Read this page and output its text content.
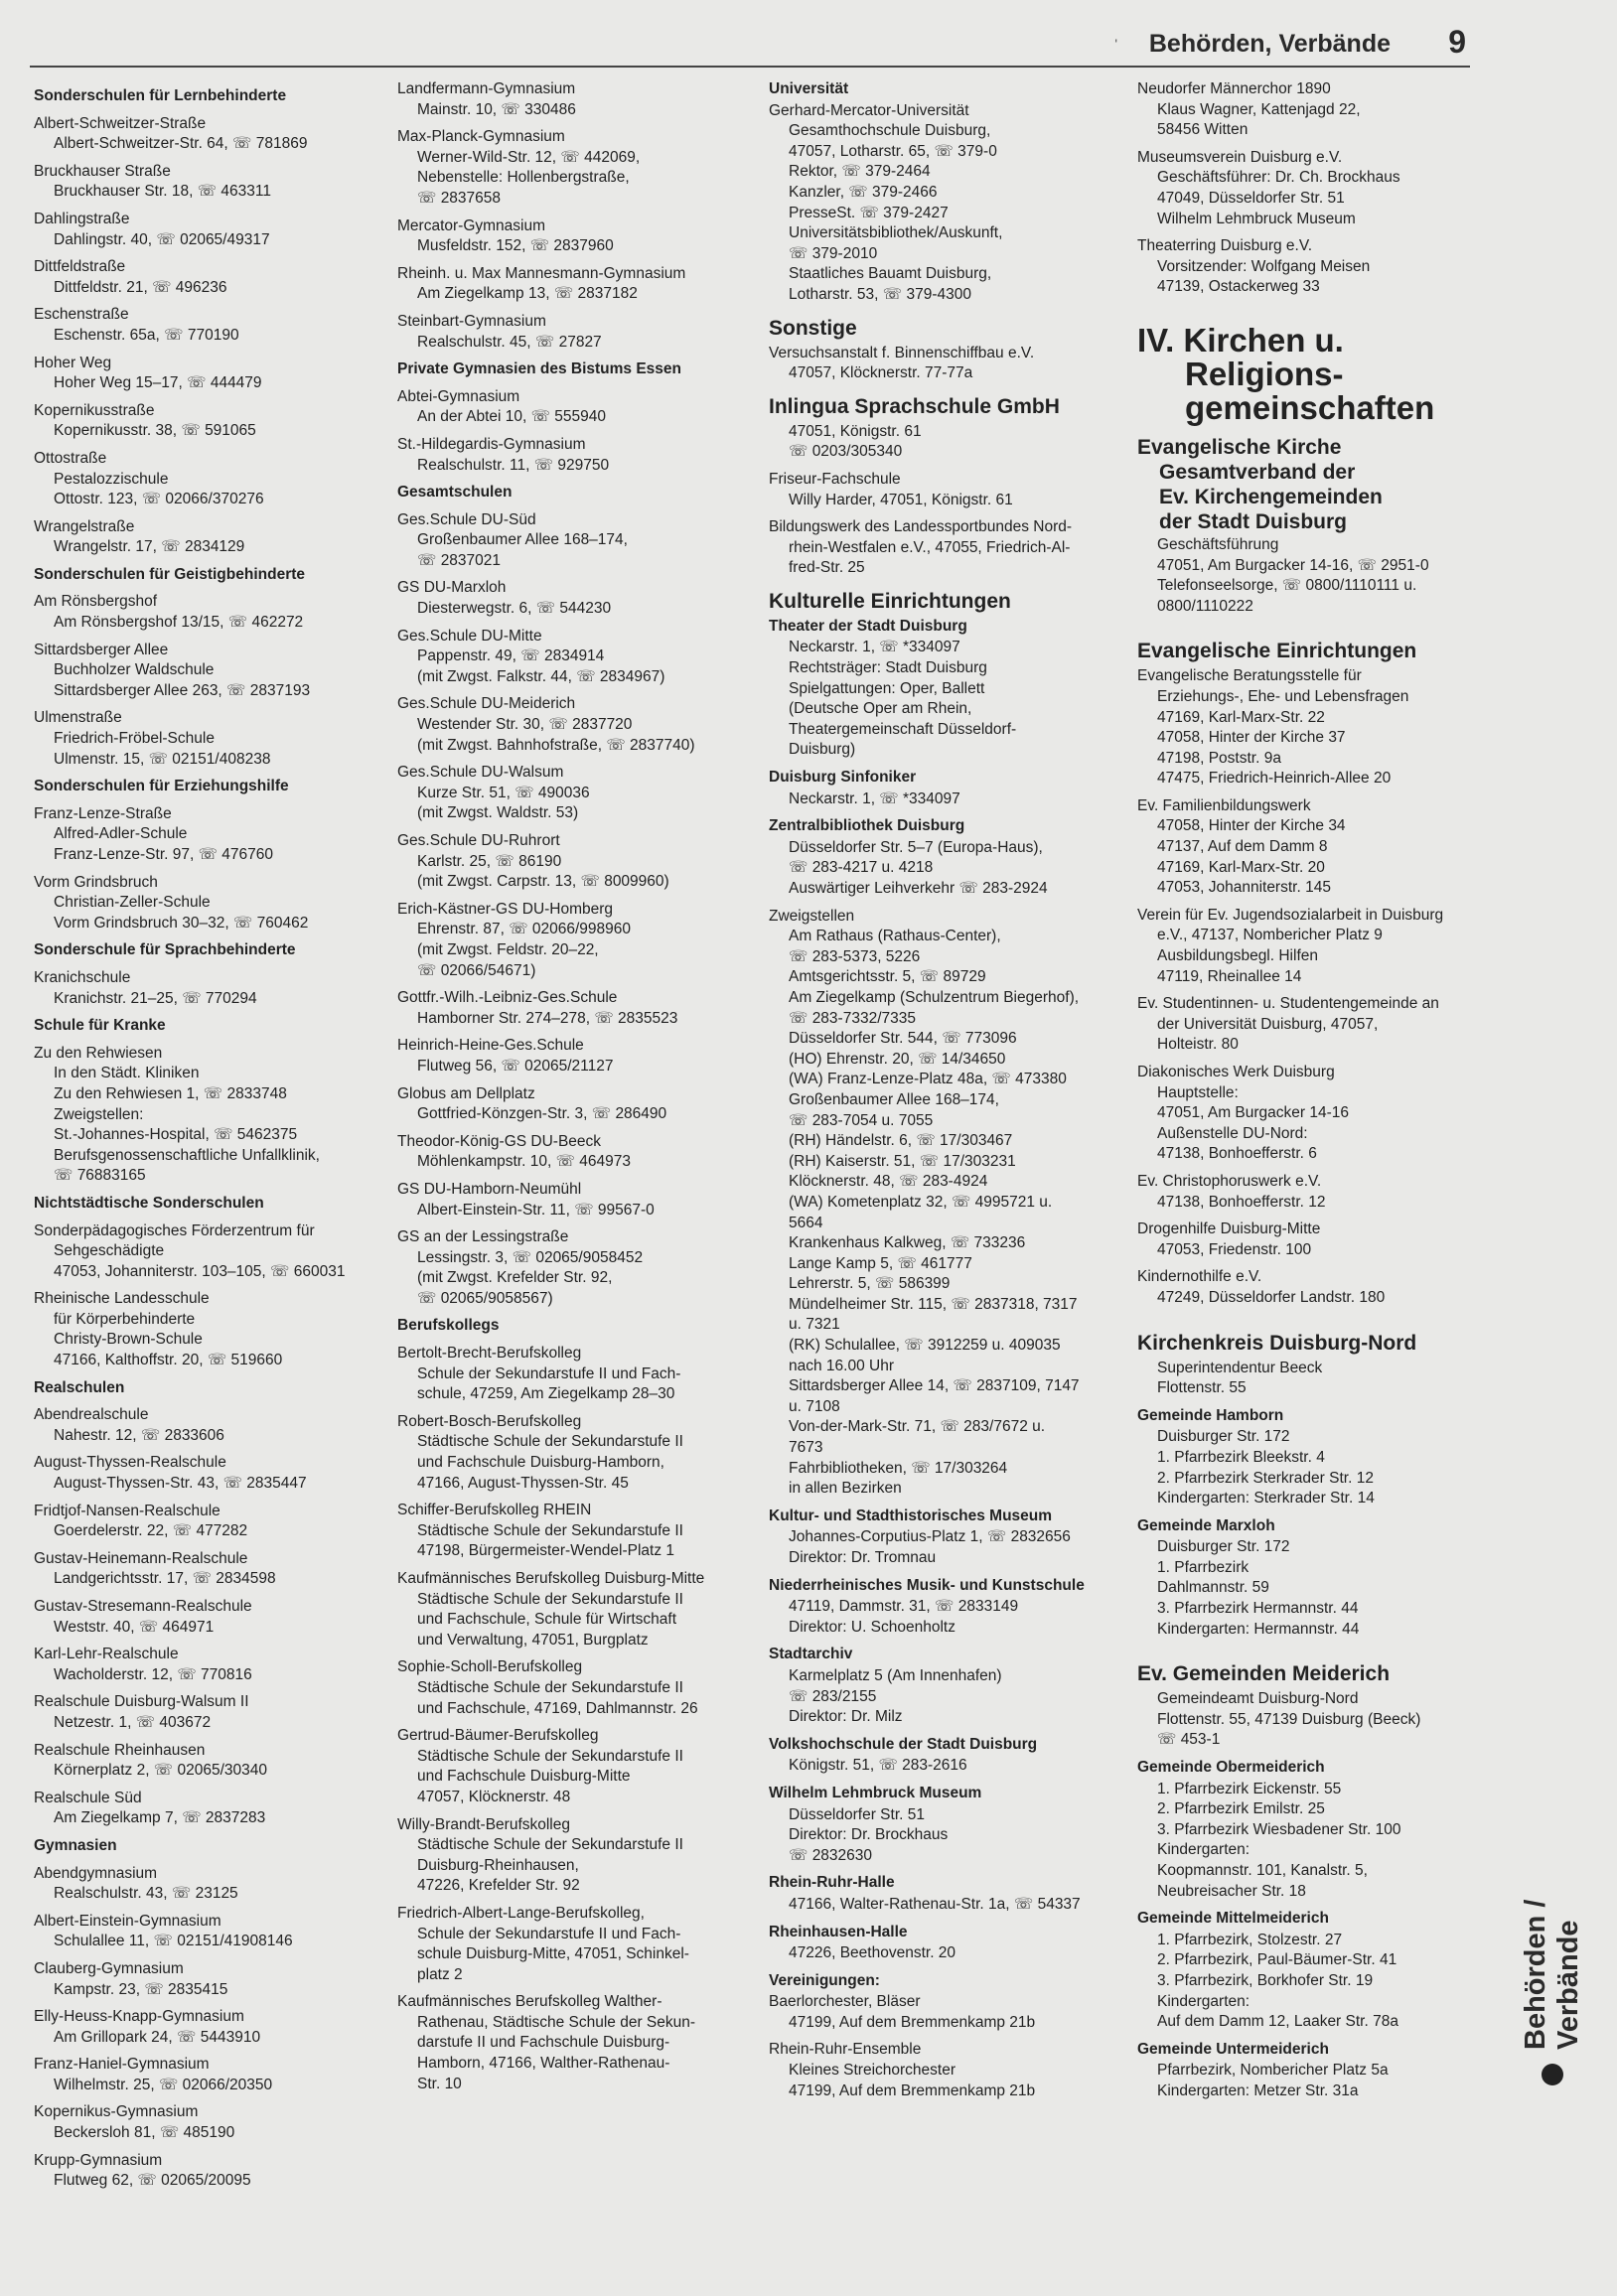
' Behörden, Verbände 9
Sonderschulen für Lernbehinderte
Albert-Schweitzer-Straße
Albert-Schweitzer-Str. 64, ☏ 781869
Bruckhauser Straße
Bruckhauser Str. 18, ☏ 463311
Dahlingstraße
Dahlingstr. 40, ☏ 02065/49317
Dittfeldstraße
Dittfeldstr. 21, ☏ 496236
Eschenstraße
Eschenstr. 65a, ☏ 770190
Hoher Weg
Hoher Weg 15–17, ☏ 444479
Kopernikusstraße
Kopernikusstr. 38, ☏ 591065
Ottostraße
Pestalozzischule
Ottostr. 123, ☏ 02066/370276
Wrangelstraße
Wrangelstr. 17, ☏ 2834129
Sonderschulen für Geistigbehinderte
Am Rönsbergshof
Am Rönsbergshof 13/15, ☏ 462272
Sittardsberger Allee
Buchholzer Waldschule
Sittardsberger Allee 263, ☏ 2837193
Ulmenstraße
Friedrich-Fröbel-Schule
Ulmenstr. 15, ☏ 02151/408238
Sonderschulen für Erziehungshilfe
Franz-Lenze-Straße
Alfred-Adler-Schule
Franz-Lenze-Str. 97, ☏ 476760
Vorm Grindsbruch
Christian-Zeller-Schule
Vorm Grindsbruch 30–32, ☏ 760462
Sonderschule für Sprachbehinderte
Kranichschule
Kranichstr. 21–25, ☏ 770294
Schule für Kranke
Zu den Rehwiesen
In den Städt. Kliniken
Zu den Rehwiesen 1, ☏ 2833748
Zweigstellen:
St.-Johannes-Hospital, ☏ 5462375
Berufsgenossenschaftliche Unfallklinik,
☏ 76883165
Nichtstädtische Sonderschulen
Sonderpädagogisches Förderzentrum für
Sehgeschädigte
47053, Johanniterstr. 103–105, ☏ 660031
Rheinische Landesschule
für Körperbehinderte
Christy-Brown-Schule
47166, Kalthoffstr. 20, ☏ 519660
Realschulen
Abendrealschule
Nahestr. 12, ☏ 2833606
August-Thyssen-Realschule
August-Thyssen-Str. 43, ☏ 2835447
Fridtjof-Nansen-Realschule
Goerdelerstr. 22, ☏ 477282
Gustav-Heinemann-Realschule
Landgerichtsstr. 17, ☏ 2834598
Gustav-Stresemann-Realschule
Weststr. 40, ☏ 464971
Karl-Lehr-Realschule
Wacholderstr. 12, ☏ 770816
Realschule Duisburg-Walsum II
Netzestr. 1, ☏ 403672
Realschule Rheinhausen
Körnerplatz 2, ☏ 02065/30340
Realschule Süd
Am Ziegelkamp 7, ☏ 2837283
Gymnasien
Abendgymnasium
Realschulstr. 43, ☏ 23125
Albert-Einstein-Gymnasium
Schulallee 11, ☏ 02151/41908146
Clauberg-Gymnasium
Kampstr. 23, ☏ 2835415
Elly-Heuss-Knapp-Gymnasium
Am Grillopark 24, ☏ 5443910
Franz-Haniel-Gymnasium
Wilhelmstr. 25, ☏ 02066/20350
Kopernikus-Gymnasium
Beckersloh 81, ☏ 485190
Krupp-Gymnasium
Flutweg 62, ☏ 02065/20095
Landfermann-Gymnasium
Mainstr. 10, ☏ 330486
Max-Planck-Gymnasium
Werner-Wild-Str. 12, ☏ 442069,
Nebenstelle: Hollenbergstraße,
☏ 2837658
Mercator-Gymnasium
Musfeldstr. 152, ☏ 2837960
Rheinh. u. Max Mannesmann-Gymnasium
Am Ziegelkamp 13, ☏ 2837182
Steinbart-Gymnasium
Realschulstr. 45, ☏ 27827
Private Gymnasien des Bistums Essen
Abtei-Gymnasium
An der Abtei 10, ☏ 555940
St.-Hildegardis-Gymnasium
Realschulstr. 11, ☏ 929750
Gesamtschulen
Ges.Schule DU-Süd
Großenbaumer Allee 168–174,
☏ 2837021
GS DU-Marxloh
Diesterwegstr. 6, ☏ 544230
Ges.Schule DU-Mitte
Pappenstr. 49, ☏ 2834914
(mit Zwgst. Falkstr. 44, ☏ 2834967)
Ges.Schule DU-Meiderich
Westender Str. 30, ☏ 2837720
(mit Zwgst. Bahnhofstraße, ☏ 2837740)
Ges.Schule DU-Walsum
Kurze Str. 51, ☏ 490036
(mit Zwgst. Waldstr. 53)
Ges.Schule DU-Ruhrort
Karlstr. 25, ☏ 86190
(mit Zwgst. Carpstr. 13, ☏ 8009960)
Erich-Kästner-GS DU-Homberg
Ehrenstr. 87, ☏ 02066/998960
(mit Zwgst. Feldstr. 20–22,
☏ 02066/54671)
Gottfr.-Wilh.-Leibniz-Ges.Schule
Hamborner Str. 274–278, ☏ 2835523
Heinrich-Heine-Ges.Schule
Flutweg 56, ☏ 02065/21127
Globus am Dellplatz
Gottfried-Könzgen-Str. 3, ☏ 286490
Theodor-König-GS DU-Beeck
Möhlenkampstr. 10, ☏ 464973
GS DU-Hamborn-Neumühl
Albert-Einstein-Str. 11, ☏ 99567-0
GS an der Lessingstraße
Lessingstr. 3, ☏ 02065/9058452
(mit Zwgst. Krefelder Str. 92,
☏ 02065/9058567)
Berufskollegs
Bertolt-Brecht-Berufskolleg
Schule der Sekundarstufe II und Fach-
schule, 47259, Am Ziegelkamp 28–30
Robert-Bosch-Berufskolleg
Städtische Schule der Sekundarstufe II
und Fachschule Duisburg-Hamborn,
47166, August-Thyssen-Str. 45
Schiffer-Berufskolleg RHEIN
Städtische Schule der Sekundarstufe II
47198, Bürgermeister-Wendel-Platz 1
Kaufmännisches Berufskolleg Duisburg-Mitte
Städtische Schule der Sekundarstufe II
und Fachschule, Schule für Wirtschaft
und Verwaltung, 47051, Burgplatz
Sophie-Scholl-Berufskolleg
Städtische Schule der Sekundarstufe II
und Fachschule, 47169, Dahlmannstr. 26
Gertrud-Bäumer-Berufskolleg
Städtische Schule der Sekundarstufe II
und Fachschule Duisburg-Mitte
47057, Klöcknerstr. 48
Willy-Brandt-Berufskolleg
Städtische Schule der Sekundarstufe II
Duisburg-Rheinhausen,
47226, Krefelder Str. 92
Friedrich-Albert-Lange-Berufskolleg,
Schule der Sekundarstufe II und Fach-
schule Duisburg-Mitte, 47051, Schinkel-
platz 2
Kaufmännisches Berufskolleg Walther-
Rathenau, Städtische Schule der Sekun-
darstufe II und Fachschule Duisburg-
Hamborn, 47166, Walther-Rathenau-
Str. 10
Universität
Gerhard-Mercator-Universität
Gesamthochschule Duisburg,
47057, Lotharstr. 65, ☏ 379-0
Rektor, ☏ 379-2464
Kanzler, ☏ 379-2466
PresseSt. ☏ 379-2427
Universitätsbibliothek/Auskunft,
☏ 379-2010
Staatliches Bauamt Duisburg,
Lotharstr. 53, ☏ 379-4300
Sonstige
Versuchsanstalt f. Binnenschiffbau e.V.
47057, Klöcknerstr. 77-77a
Inlingua Sprachschule GmbH
47051, Königstr. 61
☏ 0203/305340
Friseur-Fachschule
Willy Harder, 47051, Königstr. 61
Bildungswerk des Landessportbundes Nord-
rhein-Westfalen e.V., 47055, Friedrich-Al-
fred-Str. 25
Kulturelle Einrichtungen
Theater der Stadt Duisburg
Neckarstr. 1, ☏ *334097
Rechtsträger: Stadt Duisburg
Spielgattungen: Oper, Ballett
(Deutsche Oper am Rhein,
Theatergemeinschaft Düsseldorf-
Duisburg)
Duisburg Sinfoniker
Neckarstr. 1, ☏ *334097
Zentralbibliothek Duisburg
Düsseldorfer Str. 5–7 (Europa-Haus),
☏ 283-4217 u. 4218
Auswärtiger Leihverkehr ☏ 283-2924
Zweigstellen
Am Rathaus (Rathaus-Center),
☏ 283-5373, 5226
Amtsgerichtsstr. 5, ☏ 89729
Am Ziegelkamp (Schulzentrum Biegerhof),
☏ 283-7332/7335
Düsseldorfer Str. 544, ☏ 773096
(HO) Ehrenstr. 20, ☏ 14/34650
(WA) Franz-Lenze-Platz 48a, ☏ 473380
Großenbaumer Allee 168–174,
☏ 283-7054 u. 7055
(RH) Händelstr. 6, ☏ 17/303467
(RH) Kaiserstr. 51, ☏ 17/303231
Klöcknerstr. 48, ☏ 283-4924
(WA) Kometenplatz 32, ☏ 4995721 u.
5664
Krankenhaus Kalkweg, ☏ 733236
Lange Kamp 5, ☏ 461777
Lehrerstr. 5, ☏ 586399
Mündelheimer Str. 115, ☏ 2837318, 7317
u. 7321
(RK) Schulallee, ☏ 3912259 u. 409035
nach 16.00 Uhr
Sittardsberger Allee 14, ☏ 2837109, 7147
u. 7108
Von-der-Mark-Str. 71, ☏ 283/7672 u.
7673
Fahrbibliotheken, ☏ 17/303264
in allen Bezirken
Kultur- und Stadthistorisches Museum
Johannes-Corputius-Platz 1, ☏ 2832656
Direktor: Dr. Tromnau
Niederrheinisches Musik- und Kunstschule
47119, Dammstr. 31, ☏ 2833149
Direktor: U. Schoenholtz
Stadtarchiv
Karmelplatz 5 (Am Innenhafen)
☏ 283/2155
Direktor: Dr. Milz
Volkshochschule der Stadt Duisburg
Königstr. 51, ☏ 283-2616
Wilhelm Lehmbruck Museum
Düsseldorfer Str. 51
Direktor: Dr. Brockhaus
☏ 2832630
Rhein-Ruhr-Halle
47166, Walter-Rathenau-Str. 1a, ☏ 54337
Rheinhausen-Halle
47226, Beethovenstr. 20
Vereinigungen:
Baerlorchester, Bläser
47199, Auf dem Bremmenkamp 21b
Rhein-Ruhr-Ensemble
Kleines Streichorchester
47199, Auf dem Bremmenkamp 21b
Neudorfer Männerchor 1890
Klaus Wagner, Kattenjagd 22,
58456 Witten
Museumsverein Duisburg e.V.
Geschäftsführer: Dr. Ch. Brockhaus
47049, Düsseldorfer Str. 51
Wilhelm Lehmbruck Museum
Theaterring Duisburg e.V.
Vorsitzender: Wolfgang Meisen
47139, Ostackerweg 33
IV. Kirchen u.
Religions-
gemeinschaften
Evangelische Kirche
Gesamtverband der
Ev. Kirchengemeinden
der Stadt Duisburg
Geschäftsführung
47051, Am Burgacker 14-16, ☏ 2951-0
Telefonseelsorge, ☏ 0800/1110111 u.
0800/1110222
Evangelische Einrichtungen
Evangelische Beratungsstelle für
Erziehungs-, Ehe- und Lebensfragen
47169, Karl-Marx-Str. 22
47058, Hinter der Kirche 37
47198, Poststr. 9a
47475, Friedrich-Heinrich-Allee 20
Ev. Familienbildungswerk
47058, Hinter der Kirche 34
47137, Auf dem Damm 8
47169, Karl-Marx-Str. 20
47053, Johanniterstr. 145
Verein für Ev. Jugendsozialarbeit in Duisburg
e.V., 47137, Nombericher Platz 9
Ausbildungsbegl. Hilfen
47119, Rheinallee 14
Ev. Studentinnen- u. Studentengemeinde an
der Universität Duisburg, 47057,
Holteistr. 80
Diakonisches Werk Duisburg
Hauptstelle:
47051, Am Burgacker 14-16
Außenstelle DU-Nord:
47138, Bonhoefferstr. 6
Ev. Christophoruswerk e.V.
47138, Bonhoefferstr. 12
Drogenhilfe Duisburg-Mitte
47053, Friedenstr. 100
Kindernothilfe e.V.
47249, Düsseldorfer Landstr. 180
Kirchenkreis Duisburg-Nord
Superintendentur Beeck
Flottenstr. 55
Gemeinde Hamborn
Duisburger Str. 172
1. Pfarrbezirk Bleekstr. 4
2. Pfarrbezirk Sterkrader Str. 12
Kindergarten: Sterkrader Str. 14
Gemeinde Marxloh
Duisburger Str. 172
1. Pfarrbezirk
Dahlmannstr. 59
3. Pfarrbezirk Hermannstr. 44
Kindergarten: Hermannstr. 44
Ev. Gemeinden Meiderich
Gemeindeamt Duisburg-Nord
Flottenstr. 55, 47139 Duisburg (Beeck)
☏ 453-1
Gemeinde Obermeiderich
1. Pfarrbezirk Eickenstr. 55
2. Pfarrbezirk Emilstr. 25
3. Pfarrbezirk Wiesbadener Str. 100
Kindergarten:
Koopmannstr. 101, Kanalstr. 5,
Neubreisacher Str. 18
Gemeinde Mittelmeiderich
1. Pfarrbezirk, Stolzestr. 27
2. Pfarrbezirk, Paul-Bäumer-Str. 41
3. Pfarrbezirk, Borkhofer Str. 19
Kindergarten:
Auf dem Damm 12, Laaker Str. 78a
Gemeinde Untermeiderich
Pfarrbezirk, Nombericher Platz 5a
Kindergarten: Metzer Str. 31a
Behörden / Verbände
